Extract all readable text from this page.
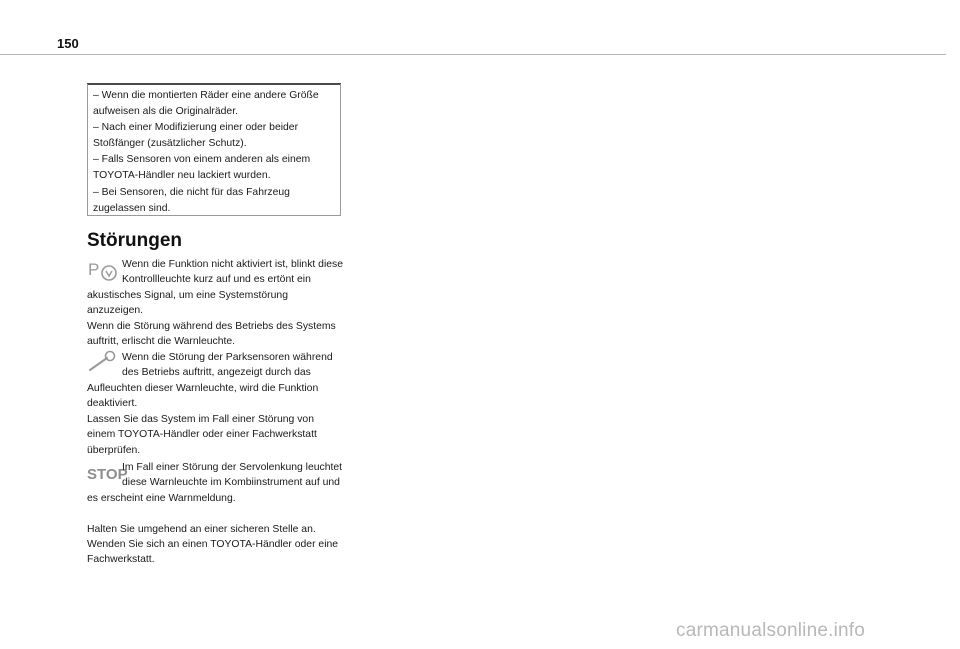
150
– Wenn die montierten Räder eine andere Größe aufweisen als die Originalräder.
– Nach einer Modifizierung einer oder beider Stoßfänger (zusätzlicher Schutz).
– Falls Sensoren von einem anderen als einem TOYOTA-Händler neu lackiert wurden.
– Bei Sensoren, die nicht für das Fahrzeug zugelassen sind.
Störungen
P Wenn die Funktion nicht aktiviert ist, blinkt diese Kontrollleuchte kurz auf und es ertönt ein akustisches Signal, um eine Systemstörung anzuzeigen.
Wenn die Störung während des Betriebs des Systems auftritt, erlischt die Warnleuchte.
Wenn die Störung der Parksensoren während des Betriebs auftritt, angezeigt durch das Aufleuchten dieser Warnleuchte, wird die Funktion deaktiviert.
Lassen Sie das System im Fall einer Störung von einem TOYOTA-Händler oder einer Fachwerkstatt überprüfen.
STOP
Im Fall einer Störung der Servolenkung leuchtet diese Warnleuchte im Kombiinstrument auf und es erscheint eine Warnmeldung.
Halten Sie umgehend an einer sicheren Stelle an.
Wenden Sie sich an einen TOYOTA-Händler oder eine Fachwerkstatt.
carmanualsonline.info
